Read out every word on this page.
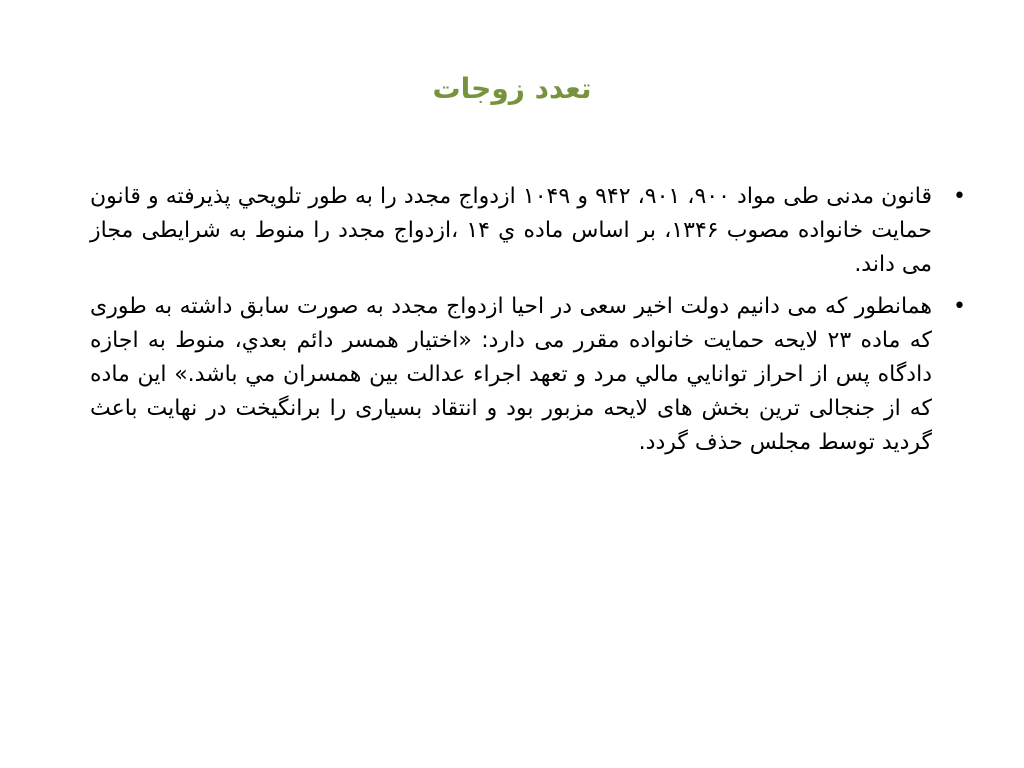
تعدد زوجات
•
قانون مدنی طی مواد ۹۰۰، ۹۰۱، ۹۴۲ و ۱۰۴۹ ازدواج مجدد را به طور تلویحي پذیرفته و قانون حمایت خانواده مصوب ۱۳۴۶، بر اساس ماده ي ۱۴ ،ازدواج مجدد را منوط به شرایطی مجاز می داند.
•
همانطور که می دانیم دولت اخیر سعی در احیا ازدواج مجدد به صورت سابق داشته به طوری که ماده ۲۳ لایحه حمایت خانواده مقرر می دارد: «اختیار همسر دائم بعدي، منوط به اجازه دادگاه پس از احراز توانايي مالي مرد و تعهد اجراء عدالت بین همسران مي باشد.» این ماده که از جنجالی ترین بخش های لایحه مزبور بود و انتقاد بسیاری را برانگیخت در نهایت باعث گردید توسط مجلس حذف گردد.
